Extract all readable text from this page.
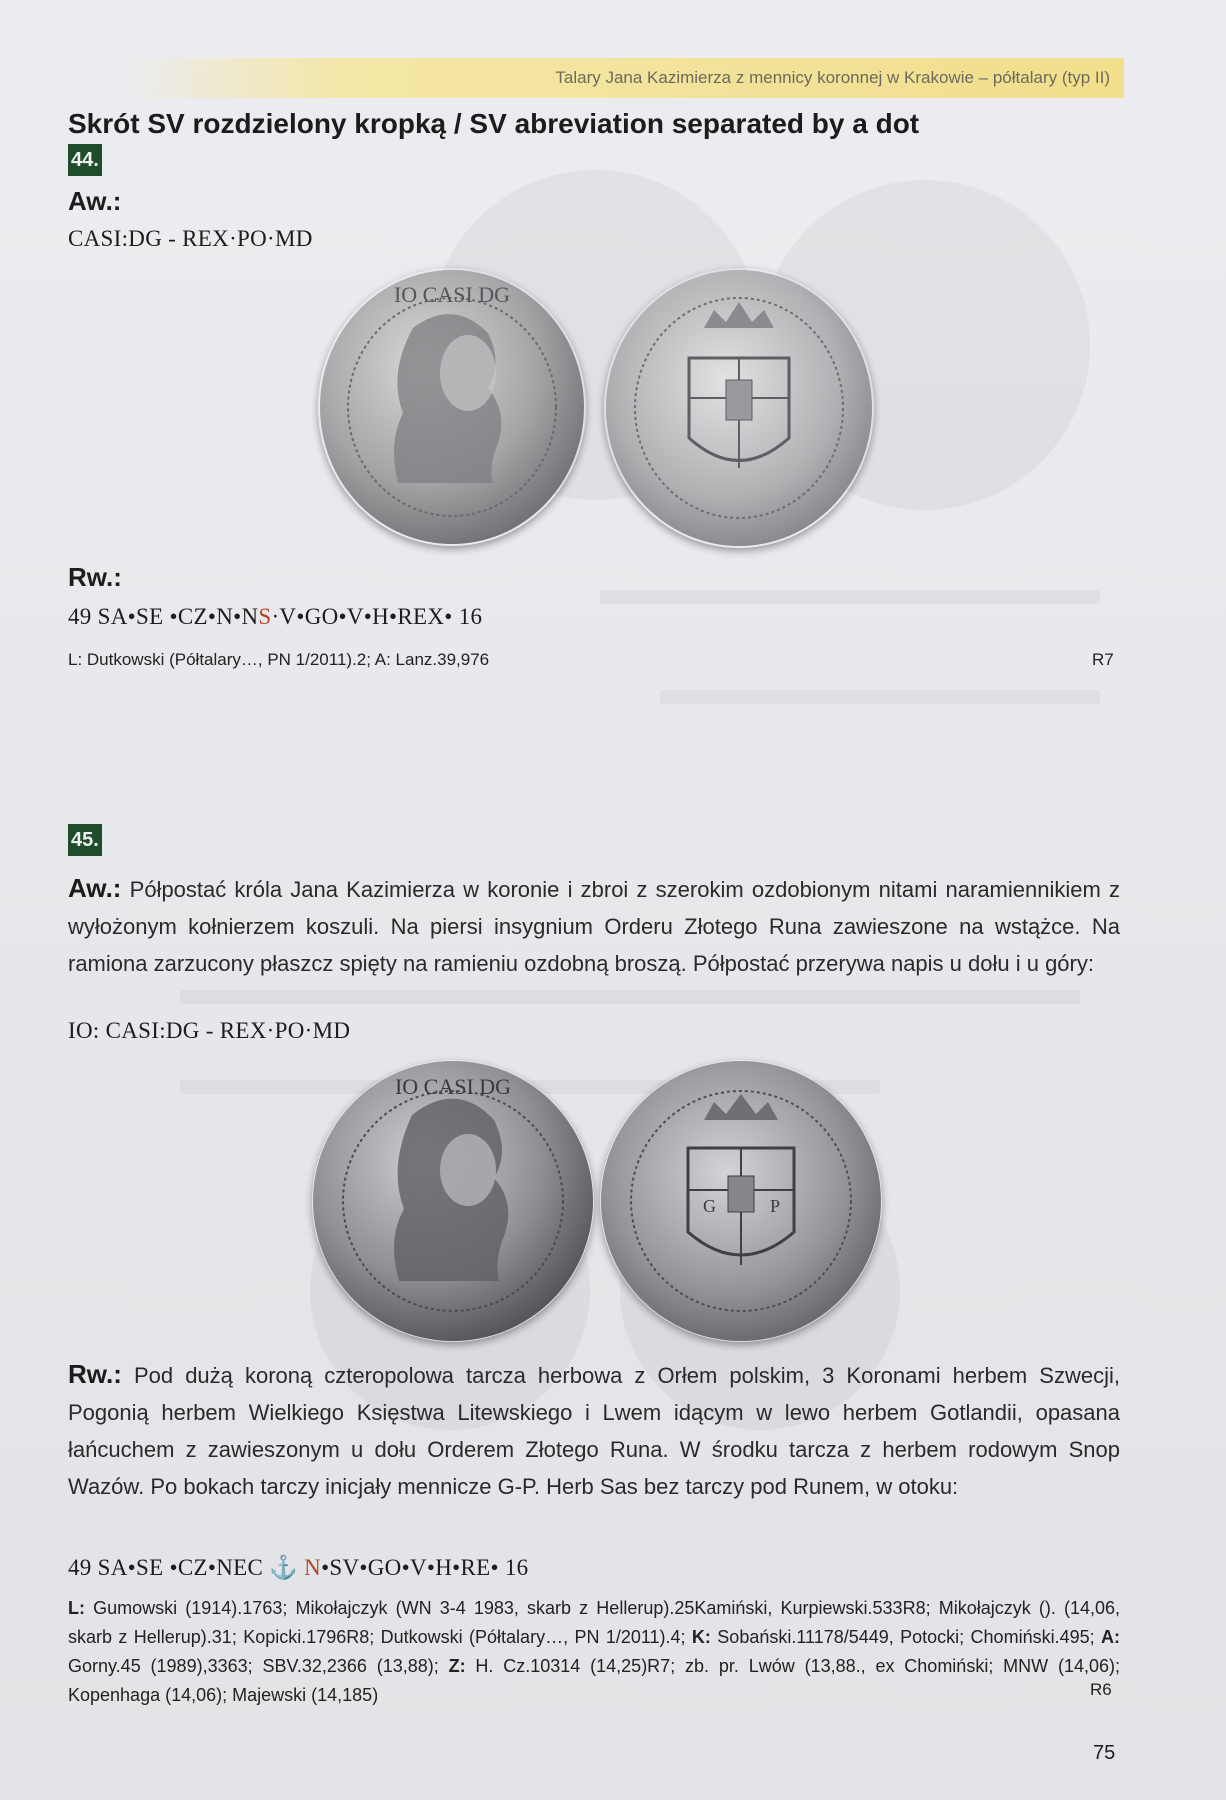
Talary Jana Kazimierza z mennicy koronnej w Krakowie – półtalary (typ II)
Skrót SV rozdzielony kropką / SV abreviation separated by a dot
44.
Aw.:
CASI:DG - REX·PO·MD
IO CASI DG
Rw.:
49 SA•SE •CZ•N•NS·V•GO•V•H•REX• 16
L: Dutkowski (Półtalary…, PN 1/2011).2; A: Lanz.39,976	R7
45.
Aw.: Półpostać króla Jana Kazimierza w koronie i zbroi z szerokim ozdobionym nitami naramiennikiem z wyłożonym kołnierzem koszuli. Na piersi insygnium Orderu Złotego Runa zawieszone na wstążce. Na ramiona zarzucony płaszcz spięty na ramieniu ozdobną broszą. Półpostać przerywa napis u dołu i u góry:
IO: CASI:DG - REX·PO·MD
IO CASI DG
G	P
Rw.: Pod dużą koroną czteropolowa tarcza herbowa z Orłem polskim, 3 Koronami herbem Szwecji, Pogonią herbem Wielkiego Księstwa Litewskiego i Lwem idącym w lewo herbem Gotlandii, opasana łańcuchem z zawieszonym u dołu Orderem Złotego Runa. W środku tarcza z herbem rodowym Snop Wazów. Po bokach tarczy inicjały mennicze G-P. Herb Sas bez tarczy pod Runem, w otoku:
49 SA•SE •CZ•NEC ⚓ N•SV•GO•V•H•RE• 16
L: Gumowski (1914).1763; Mikołajczyk (WN 3-4 1983, skarb z Hellerup).25Kamiński, Kurpiewski.533R8; Mikołajczyk (). (14,06, skarb z Hellerup).31; Kopicki.1796R8; Dutkowski (Półtalary…, PN 1/2011).4; K: Sobański.11178/5449, Potocki; Chomiński.495; A: Gorny.45 (1989),3363; SBV.32,2366 (13,88); Z: H. Cz.10314 (14,25)R7; zb. pr. Lwów (13,88., ex Chomiński; MNW (14,06); Kopenhaga (14,06); Majewski (14,185)	R6
75
